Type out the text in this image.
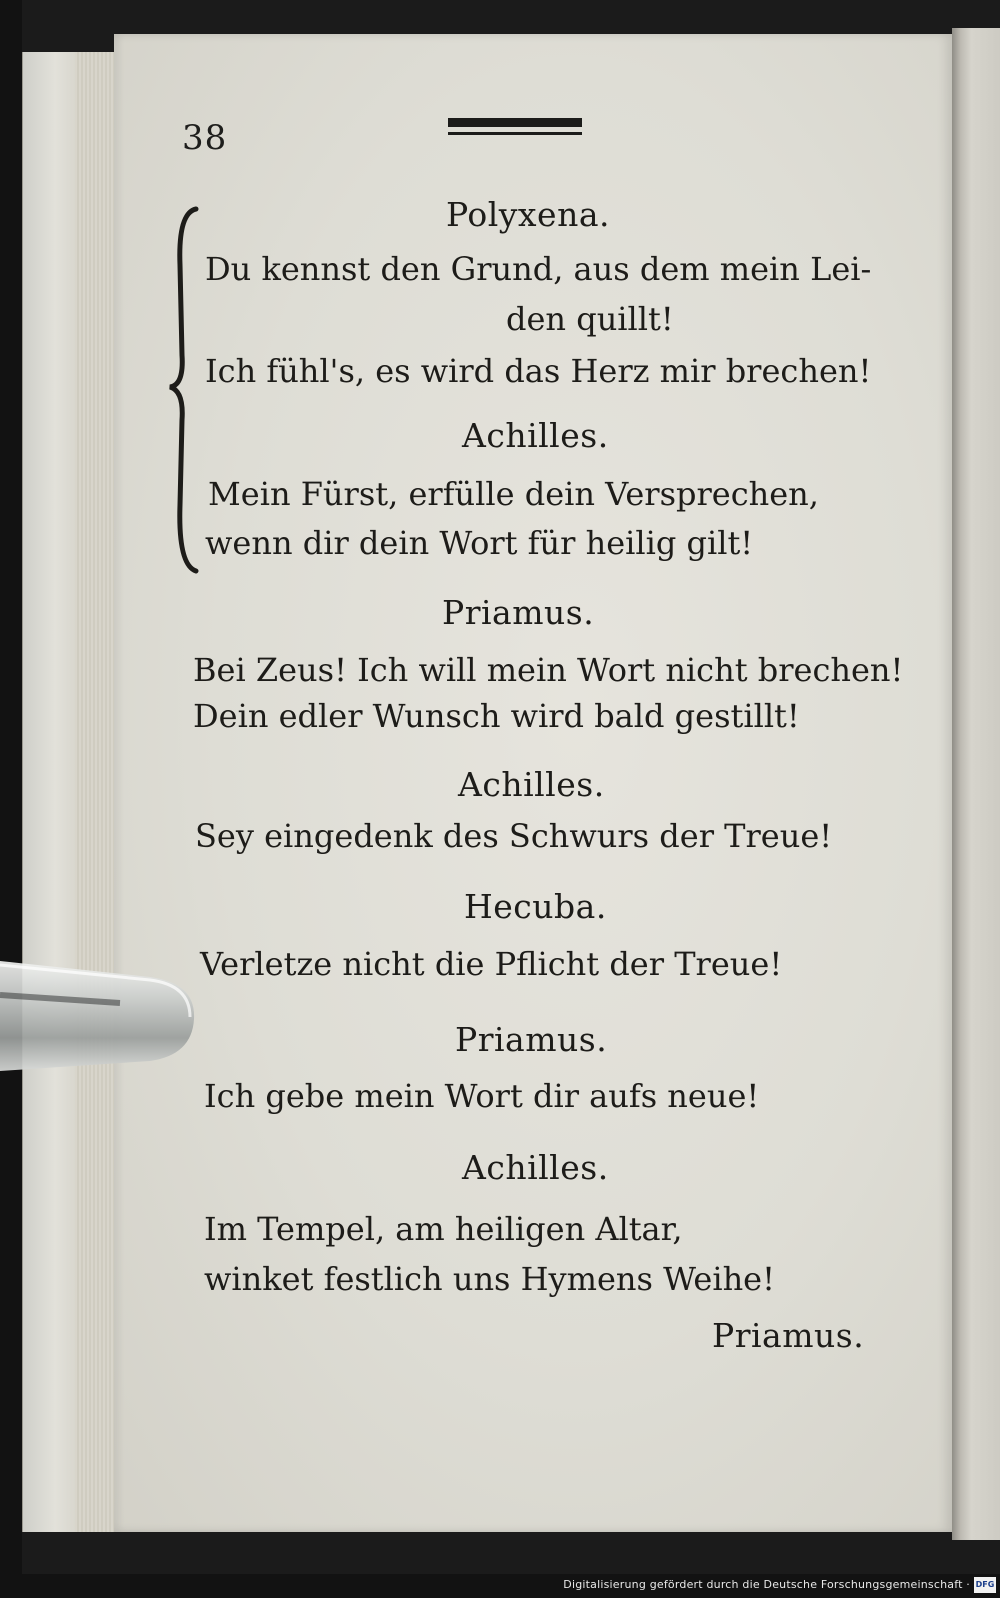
38
Polyxena.
Du kennst den Grund, aus dem mein Lei-
den quillt!
Ich fühl's, es wird das Herz mir brechen!
Achilles.
Mein Fürst, erfülle dein Versprechen,
wenn dir dein Wort für heilig gilt!
Priamus.
Bei Zeus! Ich will mein Wort nicht brechen!
Dein edler Wunsch wird bald gestillt!
Achilles.
Sey eingedenk des Schwurs der Treue!
Hecuba.
Verletze nicht die Pflicht der Treue!
Priamus.
Ich gebe mein Wort dir aufs neue!
Achilles.
Im Tempel, am heiligen Altar,
winket festlich uns Hymens Weihe!
Priamus.
Digitalisierung gefördert durch die Deutsche Forschungsgemeinschaft · DFG
